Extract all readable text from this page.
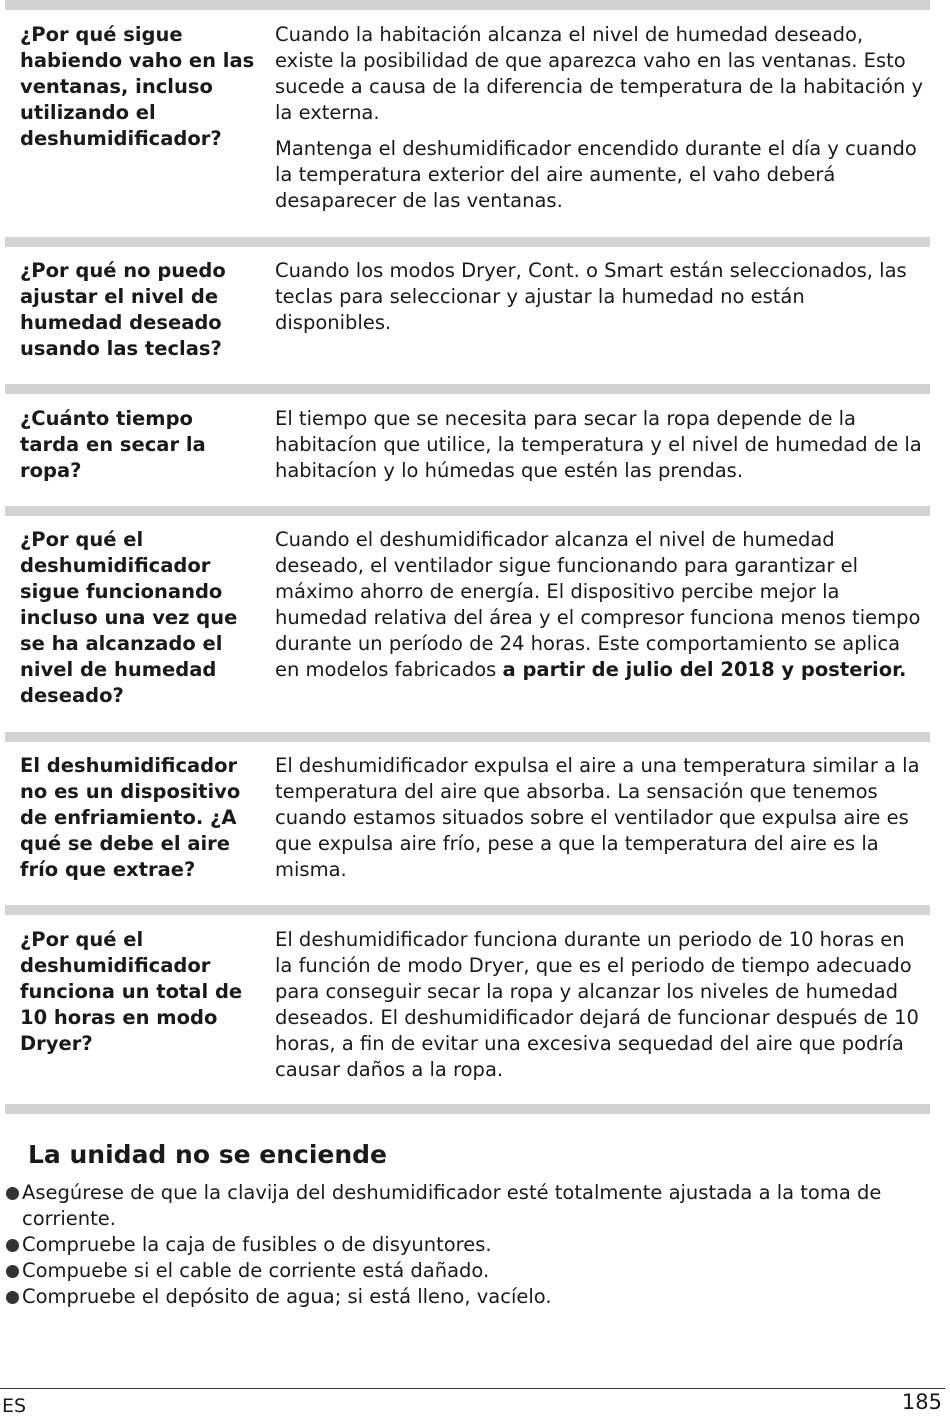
¿Por qué sigue habiendo vaho en las ventanas, incluso utilizando el deshumidificador?

Cuando la habitación alcanza el nivel de humedad deseado, existe la posibilidad de que aparezca vaho en las ventanas. Esto sucede a causa de la diferencia de temperatura de la habitación y la externa.

Mantenga el deshumidificador encendido durante el día y cuando la temperatura exterior del aire aumente, el vaho deberá desaparecer de las ventanas.

¿Por qué no puedo ajustar el nivel de humedad deseado usando las teclas?

Cuando los modos Dryer, Cont. o Smart están seleccionados, las teclas para seleccionar y ajustar la humedad no están disponibles.

¿Cuánto tiempo tarda en secar la ropa?

El tiempo que se necesita para secar la ropa depende de la habitacíon que utilice, la temperatura y el nivel de humedad de la habitacíon y lo húmedas que estén las prendas.

¿Por qué el deshumidificador sigue funcionando incluso una vez que se ha alcanzado el nivel de humedad deseado?

Cuando el deshumidificador alcanza el nivel de humedad deseado, el ventilador sigue funcionando para garantizar el máximo ahorro de energía. El dispositivo percibe mejor la humedad relativa del área y el compresor funciona menos tiempo durante un período de 24 horas. Este comportamiento se aplica en modelos fabricados a partir de julio del 2018 y posterior.

El deshumidificador no es un dispositivo de enfriamiento. ¿A qué se debe el aire frío que extrae?

El deshumidificador expulsa el aire a una temperatura similar a la temperatura del aire que absorba. La sensación que tenemos cuando estamos situados sobre el ventilador que expulsa aire es que expulsa aire frío, pese a que la temperatura del aire es la misma.

¿Por qué el deshumidificador funciona un total de 10 horas en modo Dryer?

El deshumidificador funciona durante un periodo de 10 horas en la función de modo Dryer, que es el periodo de tiempo adecuado para conseguir secar la ropa y alcanzar los niveles de humedad deseados. El deshumidificador dejará de funcionar después de 10 horas, a fin de evitar una excesiva sequedad del aire que podría causar daños a la ropa.

La unidad no se enciende
Asegúrese de que la clavija del deshumidificador esté totalmente ajustada a la toma de corriente.
Compruebe la caja de fusibles o de disyuntores.
Compuebe si el cable de corriente está dañado.
Compruebe el depósito de agua; si está lleno, vacíelo.
ES	185
